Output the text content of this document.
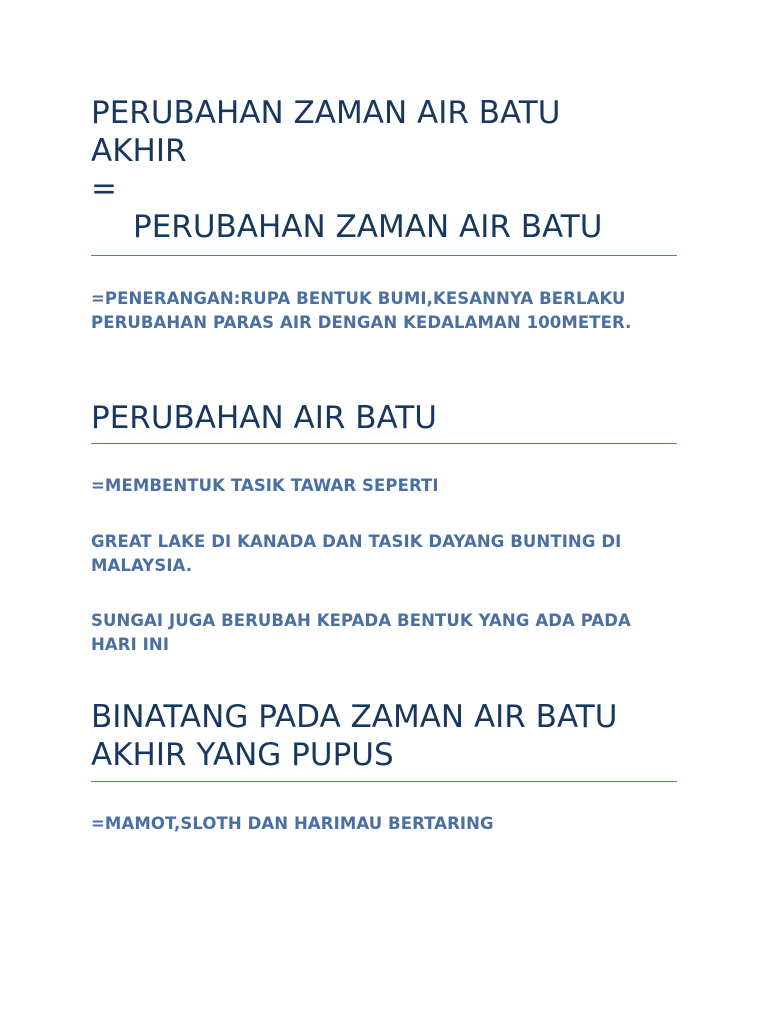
PERUBAHAN ZAMAN AIR BATU
AKHIR
=
PERUBAHAN ZAMAN AIR BATU

=PENERANGAN:RUPA BENTUK BUMI,KESANNYA BERLAKU
PERUBAHAN PARAS AIR DENGAN KEDALAMAN 100METER.

PERUBAHAN AIR BATU

=MEMBENTUK TASIK TAWAR SEPERTI

GREAT LAKE DI KANADA DAN TASIK DAYANG BUNTING DI
MALAYSIA.

SUNGAI JUGA BERUBAH KEPADA BENTUK YANG ADA PADA
HARI INI

BINATANG PADA ZAMAN AIR BATU
AKHIR YANG PUPUS

=MAMOT,SLOTH DAN HARIMAU BERTARING
